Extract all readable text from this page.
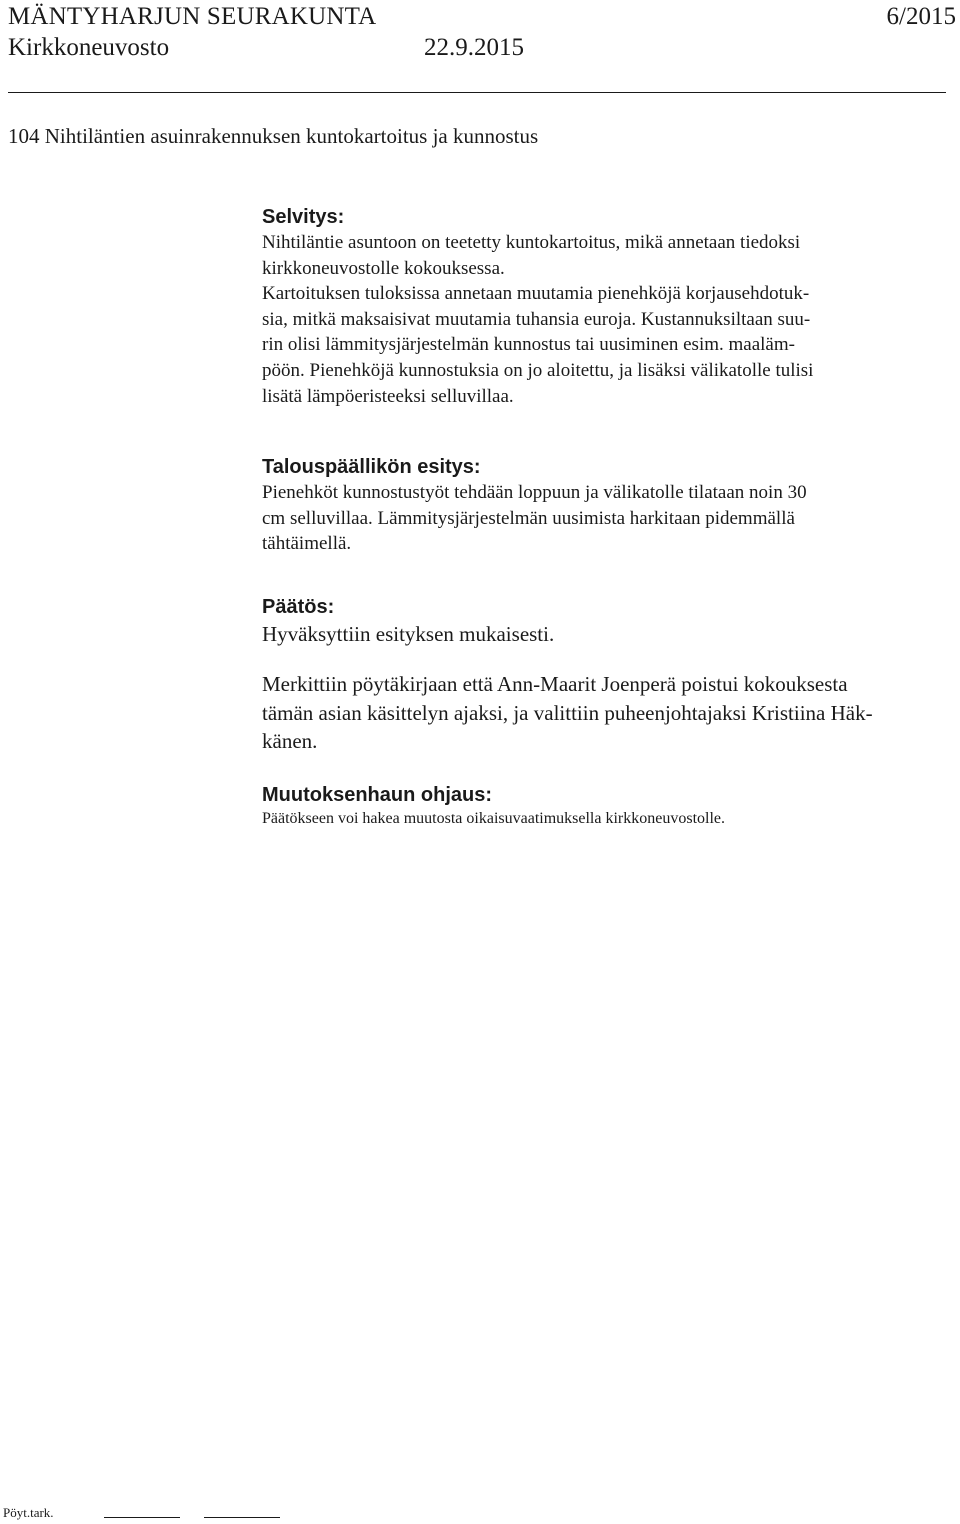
MÄNTYHARJUN SEURAKUNTA	6/2015
Kirkkoneuvosto	22.9.2015
104 Nihtiläntien asuinrakennuksen kuntokartoitus ja kunnostus
Selvitys:
Nihtiläntie asuntoon on teetetty kuntokartoitus, mikä annetaan tiedoksi
kirkkoneuvostolle kokouksessa.
Kartoituksen tuloksissa annetaan muutamia pienehköjä korjausehdotuk-
sia, mitkä maksaisivat muutamia tuhansia euroja. Kustannuksiltaan suu-
rin olisi lämmitysjärjestelmän kunnostus tai uusiminen esim. maaläm-
pöön. Pienehköjä kunnostuksia on jo aloitettu, ja lisäksi välikatolle tulisi
lisätä lämpöeristeeksi selluvillaa.
Talouspäällikön esitys:
Pienehköt kunnostustyöt tehdään loppuun ja välikatolle tilataan noin 30
cm selluvillaa. Lämmitysjärjestelmän uusimista harkitaan pidemmällä
tähtäimellä.
Päätös:
Hyväksyttiin esityksen mukaisesti.
Merkittiin pöytäkirjaan että Ann-Maarit Joenperä poistui kokouksesta
tämän asian käsittelyn ajaksi, ja valittiin puheenjohtajaksi Kristiina Häk-
känen.
Muutoksenhaun ohjaus:
Päätökseen voi hakea muutosta oikaisuvaatimuksella kirkkoneuvostolle.
Pöyt.tark.
